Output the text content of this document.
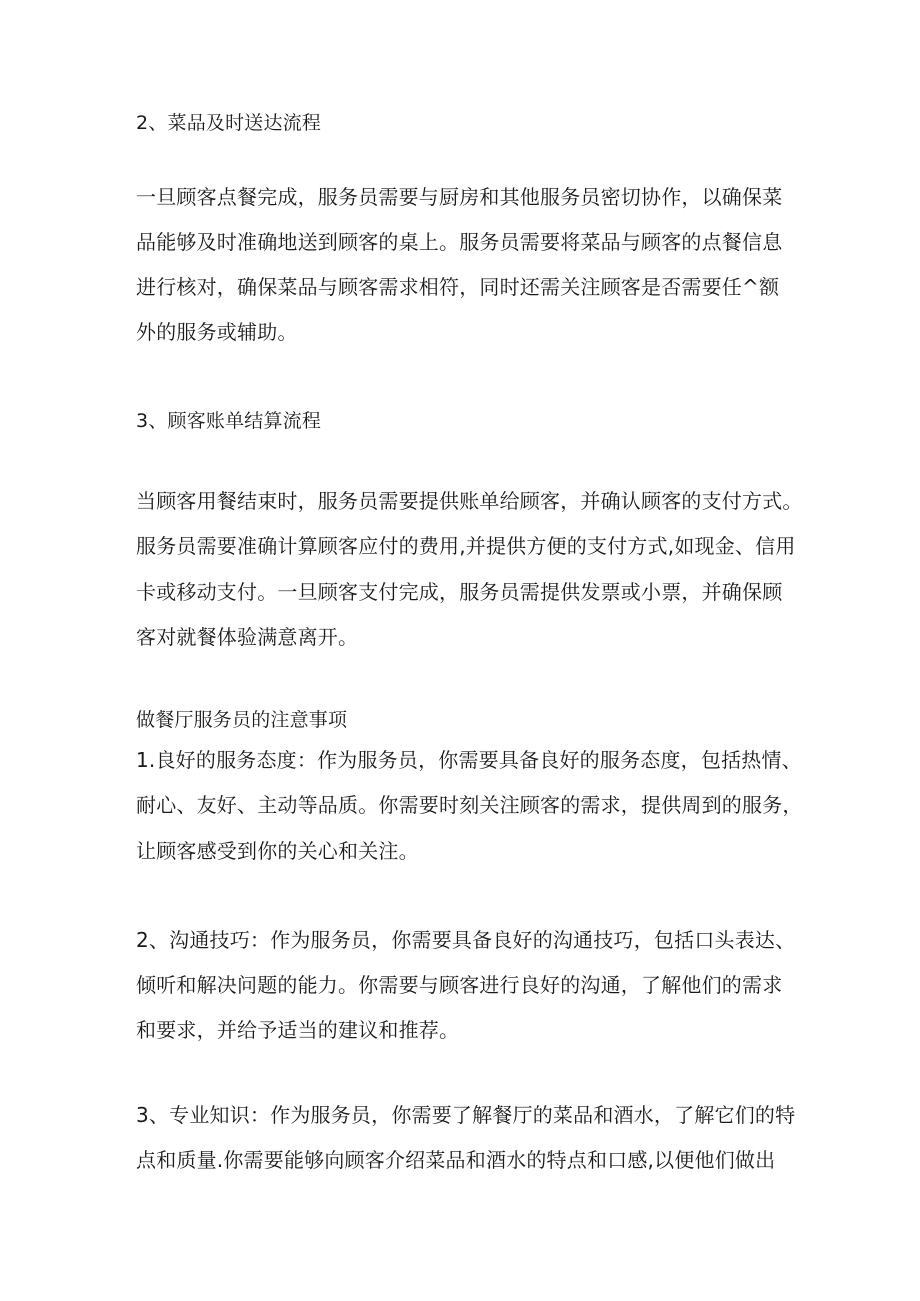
2、菜品及时送达流程

一旦顾客点餐完成，服务员需要与厨房和其他服务员密切协作，以确保菜

品能够及时准确地送到顾客的桌上。服务员需要将菜品与顾客的点餐信息

进行核对，确保菜品与顾客需求相符，同时还需关注顾客是否需要任^额

外的服务或辅助。

3、顾客账单结算流程

当顾客用餐结束时，服务员需要提供账单给顾客，并确认顾客的支付方式。

服务员需要准确计算顾客应付的费用,并提供方便的支付方式,如现金、信用

卡或移动支付。一旦顾客支付完成，服务员需提供发票或小票，并确保顾

客对就餐体验满意离开。

做餐厅服务员的注意事项

1.良好的服务态度：作为服务员，你需要具备良好的服务态度，包括热情、

耐心、友好、主动等品质。你需要时刻关注顾客的需求，提供周到的服务，

让顾客感受到你的关心和关注。

2、沟通技巧：作为服务员，你需要具备良好的沟通技巧，包括口头表达、

倾听和解决问题的能力。你需要与顾客进行良好的沟通，了解他们的需求

和要求，并给予适当的建议和推荐。

3、专业知识：作为服务员，你需要了解餐厅的菜品和酒水，了解它们的特

点和质量.你需要能够向顾客介绍菜品和酒水的特点和口感,以便他们做出
